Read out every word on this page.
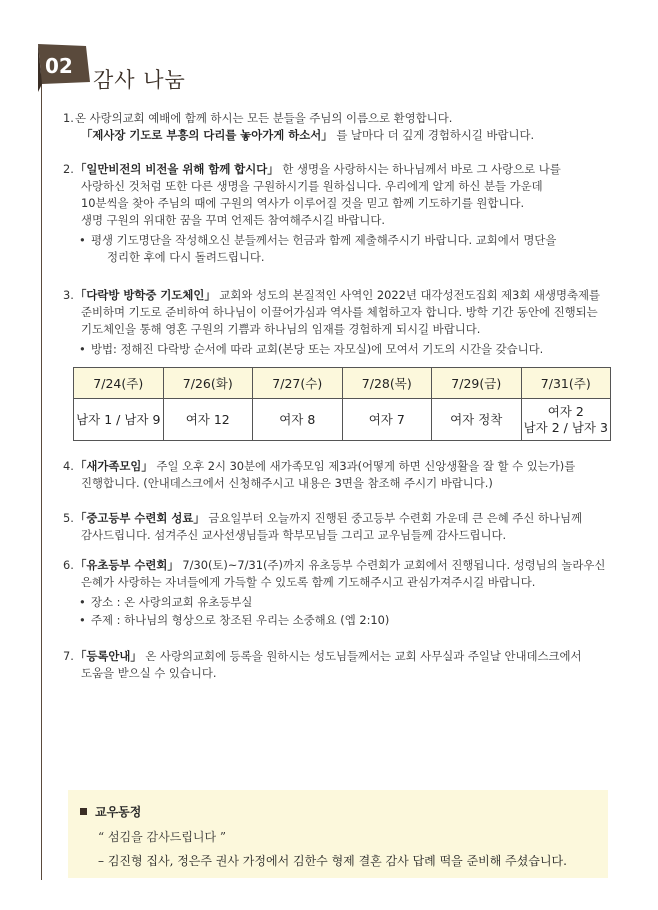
02
감사 나눔
1.온 사랑의교회 예배에 함께 하시는 모든 분들을 주님의 이름으로 환영합니다.
「제사장 기도로 부흥의 다리를 놓아가게 하소서」 를 날마다 더 깊게 경험하시길 바랍니다.
2.「일만비전의 비전을 위해 함께 합시다」 한 생명을 사랑하시는 하나님께서 바로 그 사랑으로 나를
사랑하신 것처럼 또한 다른 생명을 구원하시기를 원하십니다. 우리에게 알게 하신 분들 가운데
10분씩을 찾아 주님의 때에 구원의 역사가 이루어질 것을 믿고 함께 기도하기를 원합니다.
생명 구원의 위대한 꿈을 꾸며 언제든 참여해주시길 바랍니다.
• 평생 기도명단을 작성해오신 분들께서는 헌금과 함께 제출해주시기 바랍니다. 교회에서 명단을
정리한 후에 다시 돌려드립니다.
3.「다락방 방학중 기도체인」 교회와 성도의 본질적인 사역인 2022년 대각성전도집회 제3회 새생명축제를
준비하며 기도로 준비하여 하나님이 이끌어가심과 역사를 체험하고자 합니다. 방학 기간 동안에 진행되는
기도체인을 통해 영혼 구원의 기쁨과 하나님의 임재를 경험하게 되시길 바랍니다.
• 방법: 정해진 다락방 순서에 따라 교회(본당 또는 자모실)에 모여서 기도의 시간을 갖습니다.
4.「새가족모임」 주일 오후 2시 30분에 새가족모임 제3과(어떻게 하면 신앙생활을 잘 할 수 있는가)를
진행합니다. (안내데스크에서 신청해주시고 내용은 3면을 참조해 주시기 바랍니다.)
5.「중고등부 수련회 성료」 금요일부터 오늘까지 진행된 중고등부 수련회 가운데 큰 은혜 주신 하나님께
감사드립니다. 섬겨주신 교사선생님들과 학부모님들 그리고 교우님들께 감사드립니다.
6.「유초등부 수련회」 7/30(토)~7/31(주)까지 유초등부 수련회가 교회에서 진행됩니다. 성령님의 놀라우신
은혜가 사랑하는 자녀들에게 가득할 수 있도록 함께 기도해주시고 관심가져주시길 바랍니다.
• 장소 : 온 사랑의교회 유초등부실
• 주제 : 하나님의 형상으로 창조된 우리는 소중해요 (엡 2:10)
7.「등록안내」 온 사랑의교회에 등록을 원하시는 성도님들께서는 교회 사무실과 주일날 안내데스크에서
도움을 받으실 수 있습니다.
7/24(주)	7/26(화)	7/27(수)	7/28(목)	7/29(금)	7/31(주)

남자 1 / 남자 9	여자 12	여자 8	여자 7	여자 정착	여자 2
남자 2 / 남자 3
교우동정
“ 섬김을 감사드립니다 ”
– 김진형 집사, 정은주 권사 가정에서 김한수 형제 결혼 감사 답례 떡을 준비해 주셨습니다.
